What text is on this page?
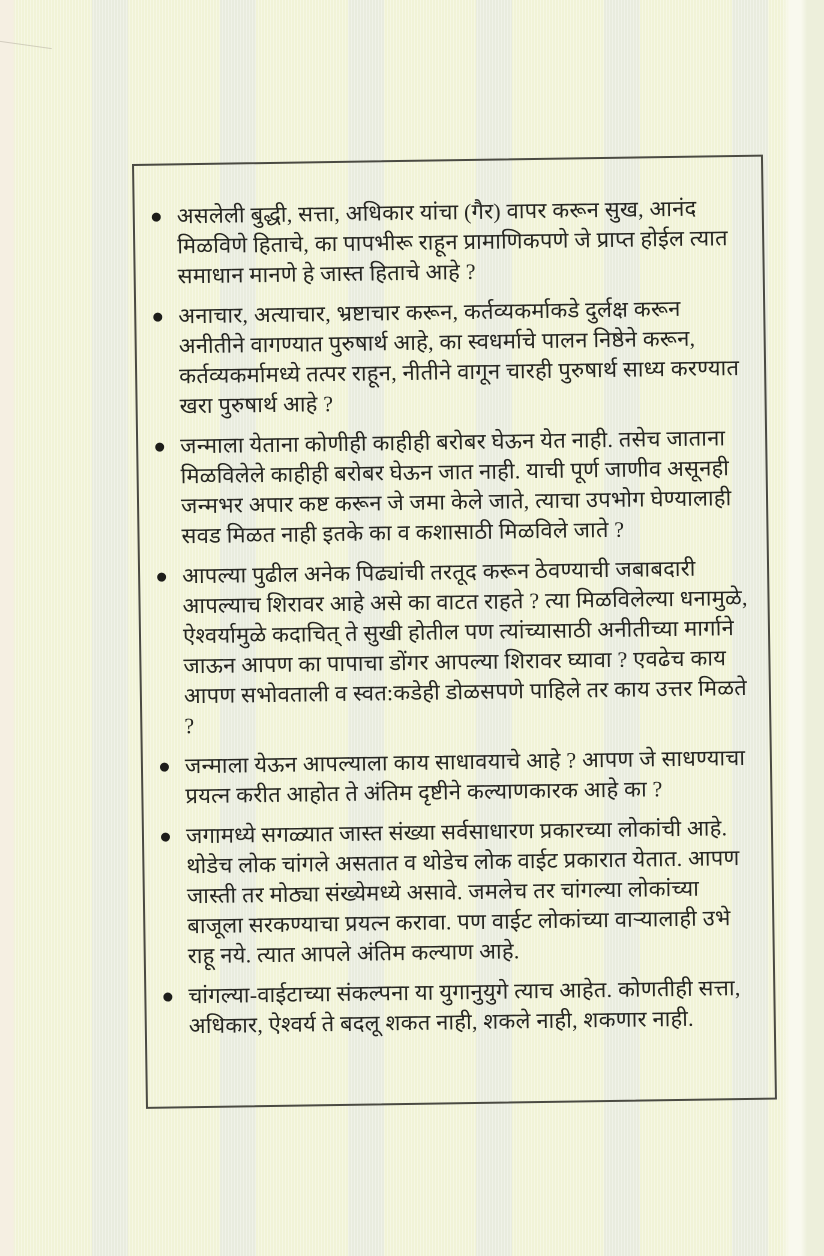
असलेली बुद्धी, सत्ता, अधिकार यांचा (गैर) वापर करून सुख, आनंद मिळविणे हिताचे, का पापभीरू राहून प्रामाणिकपणे जे प्राप्त होईल त्यात समाधान मानणे हे जास्त हिताचे आहे ?
अनाचार, अत्याचार, भ्रष्टाचार करून, कर्तव्यकर्माकडे दुर्लक्ष करून अनीतीने वागण्यात पुरुषार्थ आहे, का स्वधर्माचे पालन निष्ठेने करून, कर्तव्यकर्मामध्ये तत्पर राहून, नीतीने वागून चारही पुरुषार्थ साध्य करण्यात खरा पुरुषार्थ आहे ?
जन्माला येताना कोणीही काहीही बरोबर घेऊन येत नाही. तसेच जाताना मिळविलेले काहीही बरोबर घेऊन जात नाही. याची पूर्ण जाणीव असूनही जन्मभर अपार कष्ट करून जे जमा केले जाते, त्याचा उपभोग घेण्यालाही सवड मिळत नाही इतके का व कशासाठी मिळविले जाते ?
आपल्या पुढील अनेक पिढ्यांची तरतूद करून ठेवण्याची जबाबदारी आपल्याच शिरावर आहे असे का वाटत राहते ? त्या मिळविलेल्या धनामुळे, ऐश्वर्यामुळे कदाचित् ते सुखी होतील पण त्यांच्यासाठी अनीतीच्या मार्गाने जाऊन आपण का पापाचा डोंगर आपल्या शिरावर घ्यावा ? एवढेच काय आपण सभोवताली व स्वत:कडेही डोळसपणे पाहिले तर काय उत्तर मिळते ?
जन्माला येऊन आपल्याला काय साधावयाचे आहे ? आपण जे साधण्याचा प्रयत्न करीत आहोत ते अंतिम दृष्टीने कल्याणकारक आहे का ?
जगामध्ये सगळ्यात जास्त संख्या सर्वसाधारण प्रकारच्या लोकांची आहे. थोडेच लोक चांगले असतात व थोडेच लोक वाईट प्रकारात येतात. आपण जास्ती तर मोठ्या संख्येमध्ये असावे. जमलेच तर चांगल्या लोकांच्या बाजूला सरकण्याचा प्रयत्न करावा. पण वाईट लोकांच्या वाऱ्यालाही उभे राहू नये. त्यात आपले अंतिम कल्याण आहे.
चांगल्या-वाईटाच्या संकल्पना या युगानुयुगे त्याच आहेत. कोणतीही सत्ता, अधिकार, ऐश्वर्य ते बदलू शकत नाही, शकले नाही, शकणार नाही.
